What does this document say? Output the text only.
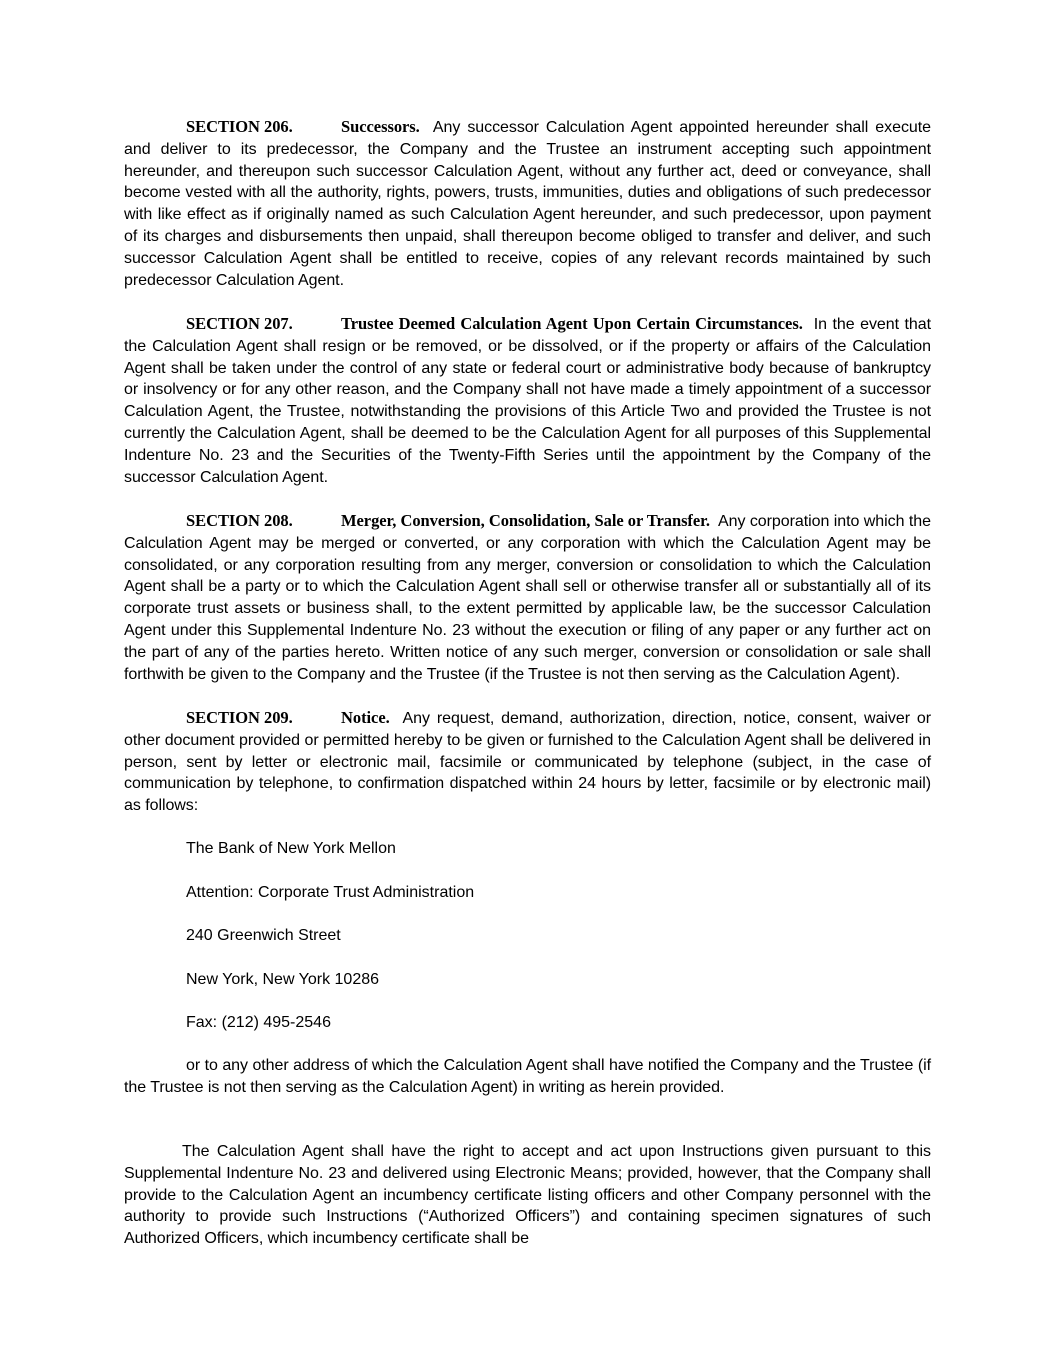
SECTION 206.	Successors. Any successor Calculation Agent appointed hereunder shall execute and deliver to its predecessor, the Company and the Trustee an instrument accepting such appointment hereunder, and thereupon such successor Calculation Agent, without any further act, deed or conveyance, shall become vested with all the authority, rights, powers, trusts, immunities, duties and obligations of such predecessor with like effect as if originally named as such Calculation Agent hereunder, and such predecessor, upon payment of its charges and disbursements then unpaid, shall thereupon become obliged to transfer and deliver, and such successor Calculation Agent shall be entitled to receive, copies of any relevant records maintained by such predecessor Calculation Agent.

SECTION 207.	Trustee Deemed Calculation Agent Upon Certain Circumstances. In the event that the Calculation Agent shall resign or be removed, or be dissolved, or if the property or affairs of the Calculation Agent shall be taken under the control of any state or federal court or administrative body because of bankruptcy or insolvency or for any other reason, and the Company shall not have made a timely appointment of a successor Calculation Agent, the Trustee, notwithstanding the provisions of this Article Two and provided the Trustee is not currently the Calculation Agent, shall be deemed to be the Calculation Agent for all purposes of this Supplemental Indenture No. 23 and the Securities of the Twenty-Fifth Series until the appointment by the Company of the successor Calculation Agent.

SECTION 208.	Merger, Conversion, Consolidation, Sale or Transfer. Any corporation into which the Calculation Agent may be merged or converted, or any corporation with which the Calculation Agent may be consolidated, or any corporation resulting from any merger, conversion or consolidation to which the Calculation Agent shall be a party or to which the Calculation Agent shall sell or otherwise transfer all or substantially all of its corporate trust assets or business shall, to the extent permitted by applicable law, be the successor Calculation Agent under this Supplemental Indenture No. 23 without the execution or filing of any paper or any further act on the part of any of the parties hereto. Written notice of any such merger, conversion or consolidation or sale shall forthwith be given to the Company and the Trustee (if the Trustee is not then serving as the Calculation Agent).

SECTION 209.	Notice. Any request, demand, authorization, direction, notice, consent, waiver or other document provided or permitted hereby to be given or furnished to the Calculation Agent shall be delivered in person, sent by letter or electronic mail, facsimile or communicated by telephone (subject, in the case of communication by telephone, to confirmation dispatched within 24 hours by letter, facsimile or by electronic mail) as follows:

The Bank of New York Mellon

Attention: Corporate Trust Administration

240 Greenwich Street

New York, New York 10286

Fax: (212) 495-2546

or to any other address of which the Calculation Agent shall have notified the Company and the Trustee (if the Trustee is not then serving as the Calculation Agent) in writing as herein provided.

The Calculation Agent shall have the right to accept and act upon Instructions given pursuant to this Supplemental Indenture No. 23 and delivered using Electronic Means; provided, however, that the Company shall provide to the Calculation Agent an incumbency certificate listing officers and other Company personnel with the authority to provide such Instructions (“Authorized Officers”) and containing specimen signatures of such Authorized Officers, which incumbency certificate shall be
